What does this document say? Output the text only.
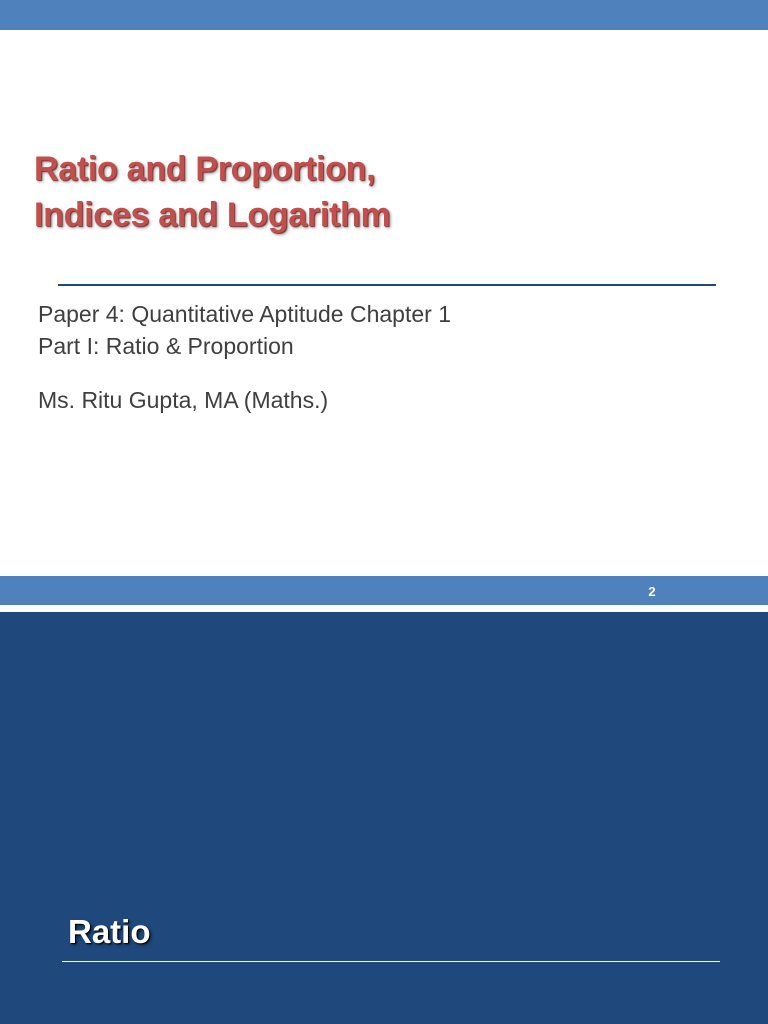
Ratio and Proportion,
Indices and Logarithm
Paper 4: Quantitative Aptitude Chapter 1
Part I: Ratio & Proportion
Ms. Ritu Gupta, MA (Maths.)
2
Ratio
